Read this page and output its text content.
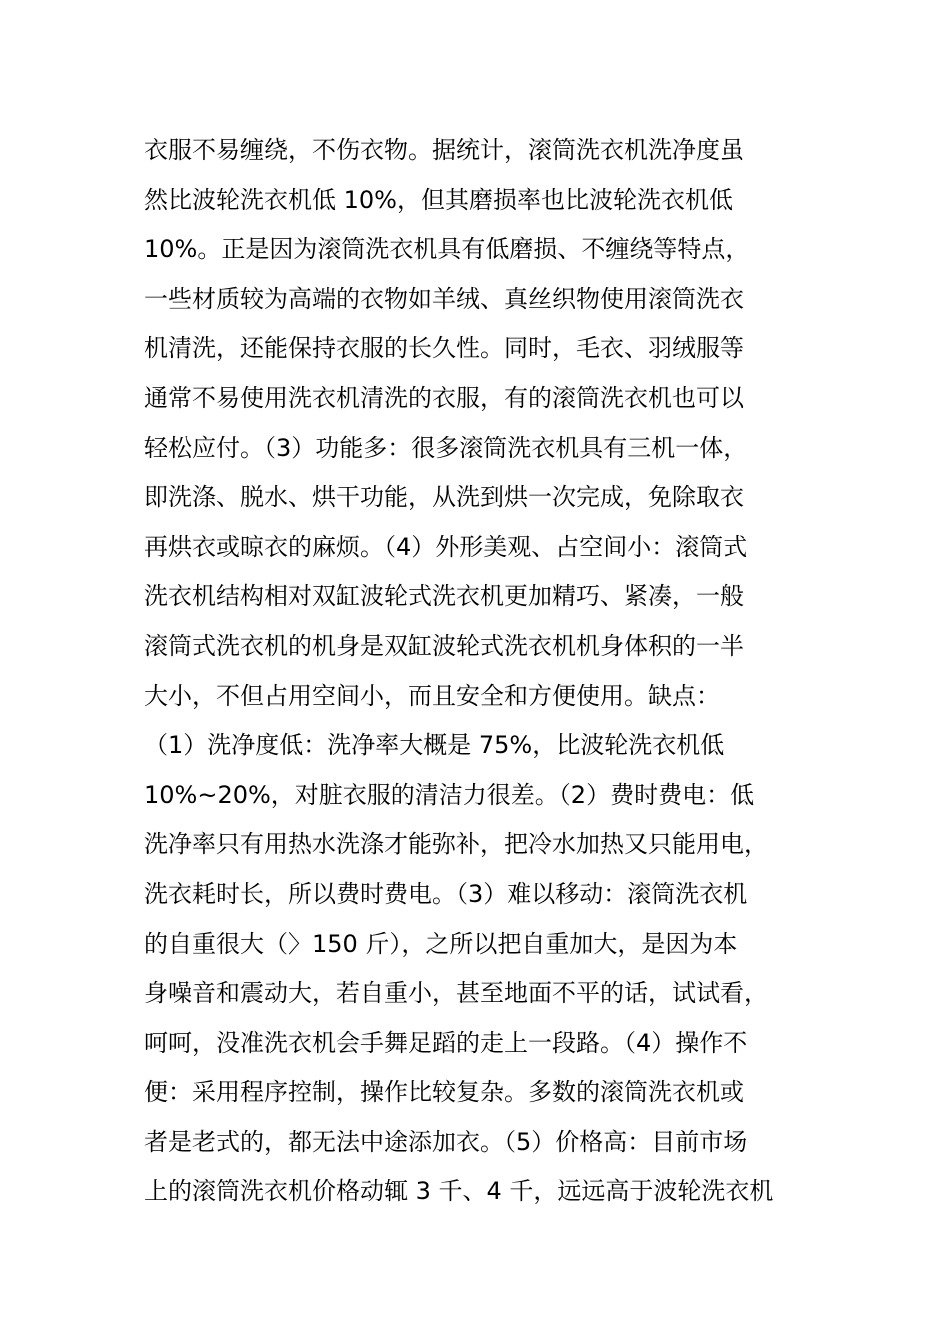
衣服不易缠绕，不伤衣物。据统计，滚筒洗衣机洗净度虽
然比波轮洗衣机低 10%，但其磨损率也比波轮洗衣机低
10%。正是因为滚筒洗衣机具有低磨损、不缠绕等特点，
一些材质较为高端的衣物如羊绒、真丝织物使用滚筒洗衣
机清洗，还能保持衣服的长久性。同时，毛衣、羽绒服等
通常不易使用洗衣机清洗的衣服，有的滚筒洗衣机也可以
轻松应付。（3）功能多：很多滚筒洗衣机具有三机一体，
即洗涤、脱水、烘干功能，从洗到烘一次完成，免除取衣
再烘衣或晾衣的麻烦。（4）外形美观、占空间小：滚筒式
洗衣机结构相对双缸波轮式洗衣机更加精巧、紧凑，一般
滚筒式洗衣机的机身是双缸波轮式洗衣机机身体积的一半
大小，不但占用空间小，而且安全和方便使用。缺点：
（1）洗净度低：洗净率大概是 75%，比波轮洗衣机低
10%~20%，对脏衣服的清洁力很差。（2）费时费电：低
洗净率只有用热水洗涤才能弥补，把冷水加热又只能用电，
洗衣耗时长，所以费时费电。（3）难以移动：滚筒洗衣机
的自重很大（〉150 斤），之所以把自重加大，是因为本
身噪音和震动大，若自重小，甚至地面不平的话，试试看，
呵呵，没准洗衣机会手舞足蹈的走上一段路。（4）操作不
便：采用程序控制，操作比较复杂。多数的滚筒洗衣机或
者是老式的，都无法中途添加衣。（5）价格高：目前市场
上的滚筒洗衣机价格动辄 3 千、4 千，远远高于波轮洗衣机
